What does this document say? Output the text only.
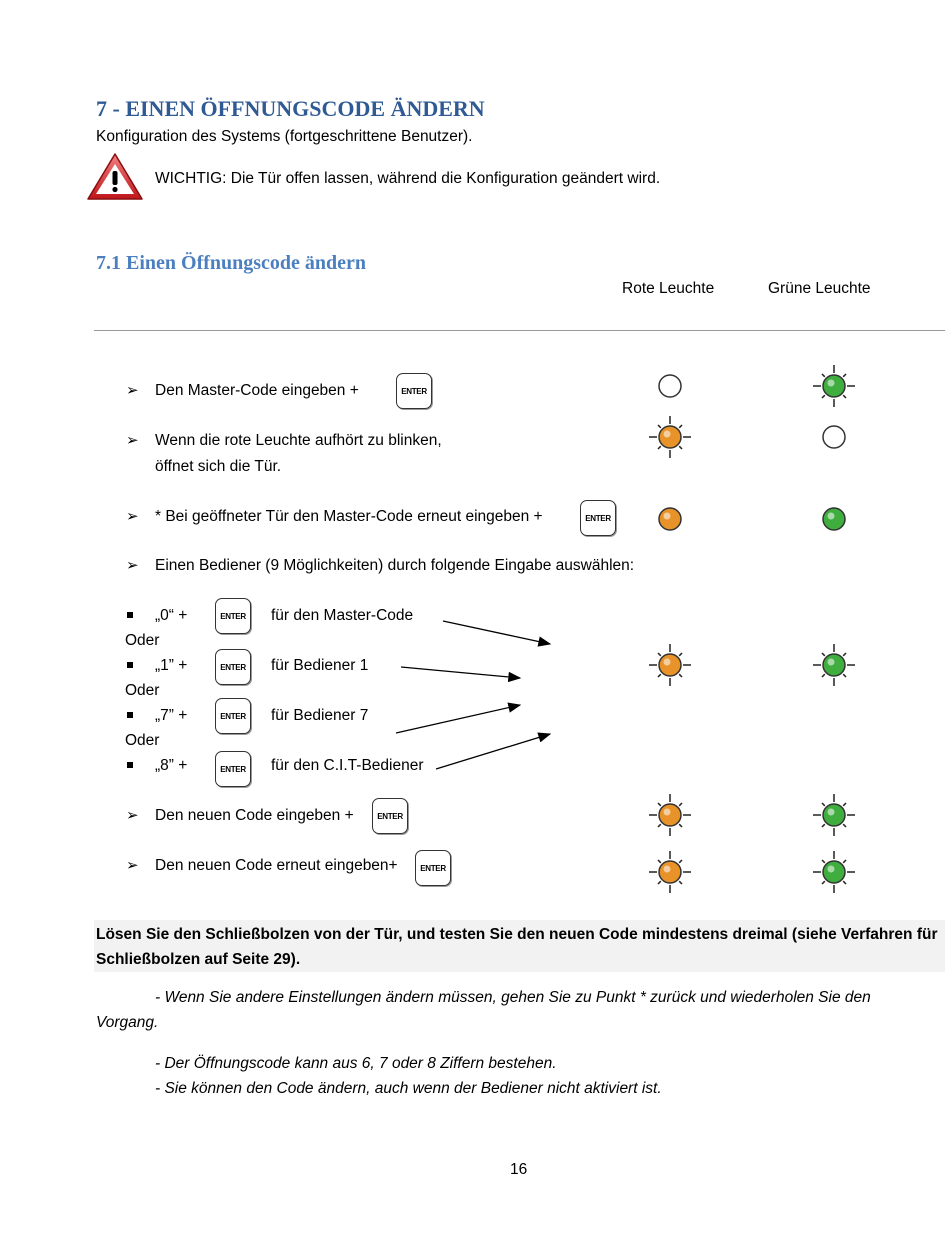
7 - EINEN ÖFFNUNGSCODE ÄNDERN
Konfiguration des Systems (fortgeschrittene Benutzer).
WICHTIG: Die Tür offen lassen, während die Konfiguration geändert wird.
7.1 Einen Öffnungscode ändern
Rote Leuchte	Grüne Leuchte
➢ Den Master-Code eingeben +	ENTER
➢ Wenn die rote Leuchte aufhört zu blinken,
öffnet sich die Tür.
➢ * Bei geöffneter Tür den Master-Code erneut eingeben +	ENTER
➢ Einen Bediener (9 Möglichkeiten) durch folgende Eingabe auswählen:
„0“ +	ENTER	für den Master-Code
Oder
„1” +	ENTER	für Bediener 1
Oder
„7” +	ENTER	für Bediener 7
Oder
„8” +	ENTER	für den C.I.T-Bediener
➢ Den neuen Code eingeben +	ENTER
➢ Den neuen Code erneut eingeben+	ENTER
Lösen Sie den Schließbolzen von der Tür, und testen Sie den neuen Code mindestens dreimal (siehe Verfahren für Schließbolzen auf Seite 29).
- Wenn Sie andere Einstellungen ändern müssen, gehen Sie zu Punkt * zurück und wiederholen Sie den
Vorgang.
- Der Öffnungscode kann aus 6, 7 oder 8 Ziffern bestehen.
- Sie können den Code ändern, auch wenn der Bediener nicht aktiviert ist.
16
